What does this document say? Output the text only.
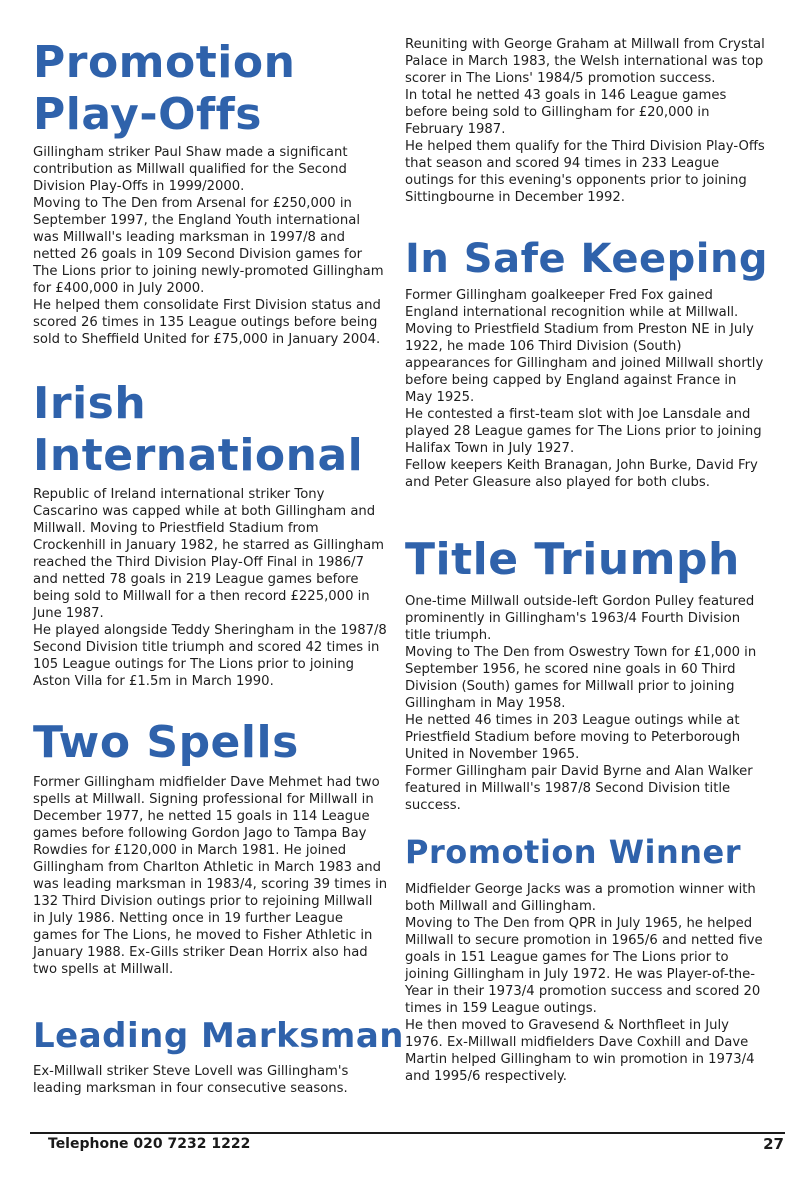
Promotion
Play-Offs

Gillingham striker Paul Shaw made a significant contribution as Millwall qualified for the Second Division Play-Offs in 1999/2000.

Moving to The Den from Arsenal for £250,000 in September 1997, the England Youth international was Millwall's leading marksman in 1997/8 and netted 26 goals in 109 Second Division games for The Lions prior to joining newly-promoted Gillingham for £400,000 in July 2000.

He helped them consolidate First Division status and scored 26 times in 135 League outings before being sold to Sheffield United for £75,000 in January 2004.

Irish
International

Republic of Ireland international striker Tony Cascarino was capped while at both Gillingham and Millwall. Moving to Priestfield Stadium from Crockenhill in January 1982, he starred as Gillingham reached the Third Division Play-Off Final in 1986/7 and netted 78 goals in 219 League games before being sold to Millwall for a then record £225,000 in June 1987.

He played alongside Teddy Sheringham in the 1987/8 Second Division title triumph and scored 42 times in 105 League outings for The Lions prior to joining Aston Villa for £1.5m in March 1990.

Two Spells

Former Gillingham midfielder Dave Mehmet had two spells at Millwall. Signing professional for Millwall in December 1977, he netted 15 goals in 114 League games before following Gordon Jago to Tampa Bay Rowdies for £120,000 in March 1981. He joined Gillingham from Charlton Athletic in March 1983 and was leading marksman in 1983/4, scoring 39 times in 132 Third Division outings prior to rejoining Millwall in July 1986. Netting once in 19 further League games for The Lions, he moved to Fisher Athletic in January 1988. Ex-Gills striker Dean Horrix also had two spells at Millwall.

Leading Marksman

Ex-Millwall striker Steve Lovell was Gillingham's leading marksman in four consecutive seasons.

Reuniting with George Graham at Millwall from Crystal Palace in March 1983, the Welsh international was top scorer in The Lions' 1984/5 promotion success.

In total he netted 43 goals in 146 League games before being sold to Gillingham for £20,000 in February 1987.

He helped them qualify for the Third Division Play-Offs that season and scored 94 times in 233 League outings for this evening's opponents prior to joining Sittingbourne in December 1992.

In Safe Keeping

Former Gillingham goalkeeper Fred Fox gained England international recognition while at Millwall.

Moving to Priestfield Stadium from Preston NE in July 1922, he made 106 Third Division (South) appearances for Gillingham and joined Millwall shortly before being capped by England against France in May 1925.

He contested a first-team slot with Joe Lansdale and played 28 League games for The Lions prior to joining Halifax Town in July 1927.

Fellow keepers Keith Branagan, John Burke, David Fry and Peter Gleasure also played for both clubs.

Title Triumph

One-time Millwall outside-left Gordon Pulley featured prominently in Gillingham's 1963/4 Fourth Division title triumph.

Moving to The Den from Oswestry Town for £1,000 in September 1956, he scored nine goals in 60 Third Division (South) games for Millwall prior to joining Gillingham in May 1958.

He netted 46 times in 203 League outings while at Priestfield Stadium before moving to Peterborough United in November 1965.

Former Gillingham pair David Byrne and Alan Walker featured in Millwall's 1987/8 Second Division title success.

Promotion Winner

Midfielder George Jacks was a promotion winner with both Millwall and Gillingham.

Moving to The Den from QPR in July 1965, he helped Millwall to secure promotion in 1965/6 and netted five goals in 151 League games for The Lions prior to joining Gillingham in July 1972. He was Player-of-the-Year in their 1973/4 promotion success and scored 20 times in 159 League outings.

He then moved to Gravesend & Northfleet in July 1976. Ex-Millwall midfielders Dave Coxhill and Dave Martin helped Gillingham to win promotion in 1973/4 and 1995/6 respectively.

Telephone 020 7232 1222	27
